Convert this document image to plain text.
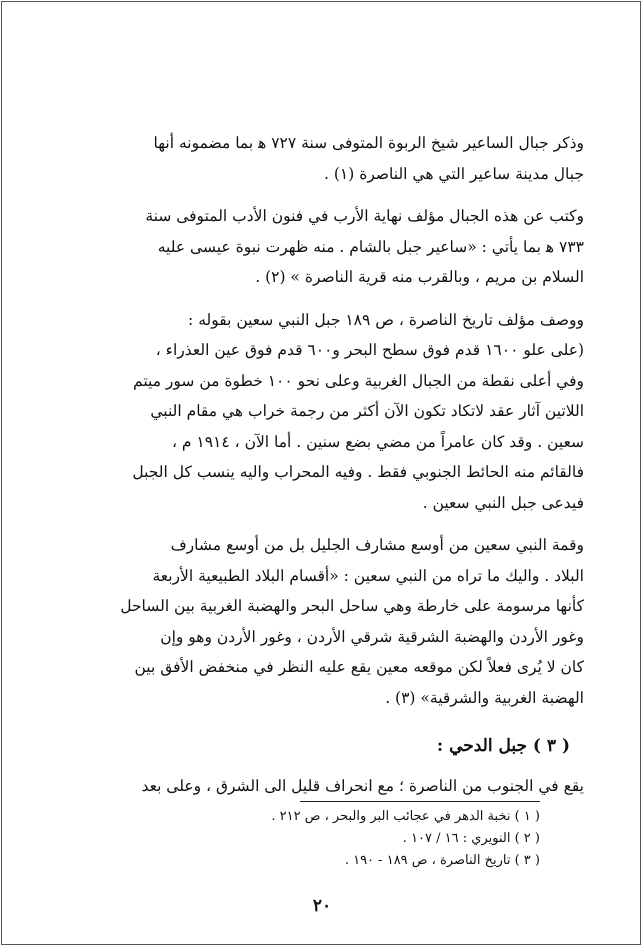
وذكر جبال الساعير شيخ الربوة المتوفى سنة ٧٢٧ ﻫ بما مضمونه أنها
جبال مدينة ساعير التي هي الناصرة (١) .
وكتب عن هذه الجبال مؤلف نهاية الأرب في فنون الأدب المتوفى سنة
٧٣٣ ﻫ بما يأتي : «ساعير جبل بالشام . منه ظهرت نبوة عيسى عليه
السلام بن مريم ، وبالقرب منه قرية الناصرة » (٢) .
ووصف مؤلف تاريخ الناصرة ، ص ١٨٩ جبل النبي سعين بقوله :
(على علو ١٦٠٠ قدم فوق سطح البحر و٦٠٠ قدم فوق عين العذراء ،
وفي أعلى نقطة من الجبال الغربية وعلى نحو ١٠٠ خطوة من سور ميتم
اللاتين آثار عقد لاتكاد تكون الآن أكثر من رجمة خراب هي مقام النبي
سعين . وقد كان عامراً من مضي بضع سنين . أما الآن ، ١٩١٤ م ،
فالقائم منه الحائط الجنوبي فقط . وفيه المحراب واليه ينسب كل الجبل
فيدعى جبل النبي سعين .
وقمة النبي سعين من أوسع مشارف الجليل بل من أوسع مشارف
البلاد . واليك ما تراه من النبي سعين : «أقسام البلاد الطبيعية الأربعة
كأنها مرسومة على خارطة وهي ساحل البحر والهضبة الغربية بين الساحل
وغور الأردن والهضبة الشرقية شرقي الأردن ، وغور الأردن وهو وإن
كان لا يُرى فعلاً لكن موقعه معين يقع عليه النظر في منخفض الأفق بين
الهضبة الغربية والشرقية» (٣) .
( ٣ ) جبل الدحي :
يقع في الجنوب من الناصرة ؛ مع انحراف قليل الى الشرق ، وعلى بعد
( ١ ) نخبة الدهر في عجائب البر والبحر ، ص ٢١٢ .
( ٢ ) النويري : ١٦ / ١٠٧ .
( ٣ ) تاريخ الناصرة ، ص ١٨٩ - ١٩٠ .
٢٠
